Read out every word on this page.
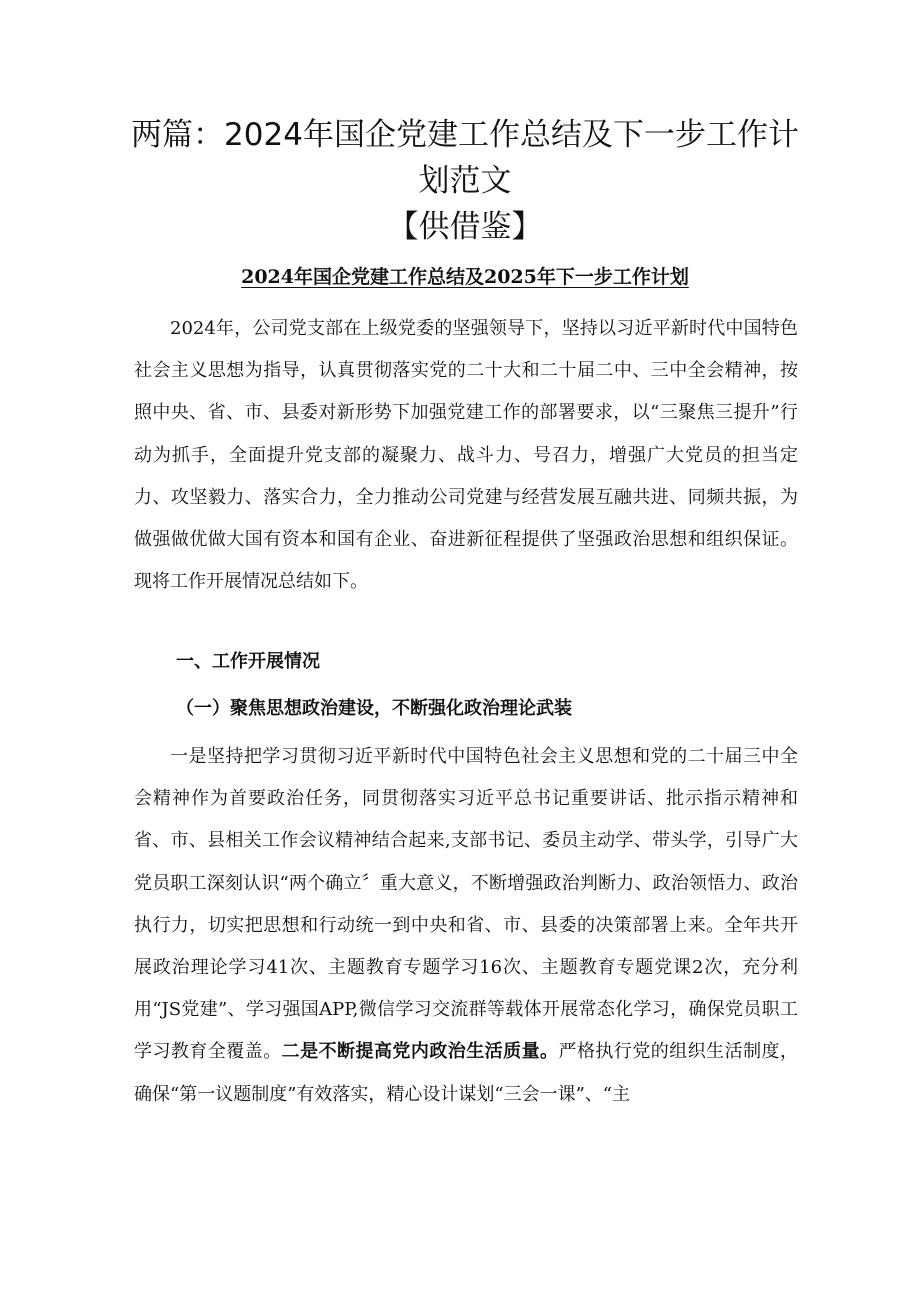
两篇：2024年国企党建工作总结及下一步工作计划范文
【供借鉴】
2024年国企党建工作总结及2025年下一步工作计划

2024年，公司党支部在上级党委的坚强领导下，坚持以习近平新时代中国特色社会主义思想为指导，认真贯彻落实党的二十大和二十届二中、三中全会精神，按照中央、省、市、县委对新形势下加强党建工作的部署要求，以“三聚焦三提升”行动为抓手，全面提升党支部的凝聚力、战斗力、号召力，增强广大党员的担当定力、攻坚毅力、落实合力，全力推动公司党建与经营发展互融共进、同频共振，为做强做优做大国有资本和国有企业、奋进新征程提供了坚强政治思想和组织保证。现将工作开展情况总结如下。

一、工作开展情况

（一）聚焦思想政治建设，不断强化政治理论武装

一是坚持把学习贯彻习近平新时代中国特色社会主义思想和党的二十届三中全会精神作为首要政治任务，同贯彻落实习近平总书记重要讲话、批示指示精神和省、市、县相关工作会议精神结合起来,支部书记、委员主动学、带头学，引导广大党员职工深刻认识“两个确立〞重大意义，不断增强政治判断力、政治领悟力、政治执行力，切实把思想和行动统一到中央和省、市、县委的决策部署上来。全年共开展政治理论学习41次、主题教育专题学习16次、主题教育专题党课2次，充分利用“JS党建”、学习强国APP,微信学习交流群等载体开展常态化学习，确保党员职工学习教育全覆盖。二是不断提高党内政治生活质量。严格执行党的组织生活制度，确保“第一议题制度”有效落实，精心设计谋划“三会一课”、“主
